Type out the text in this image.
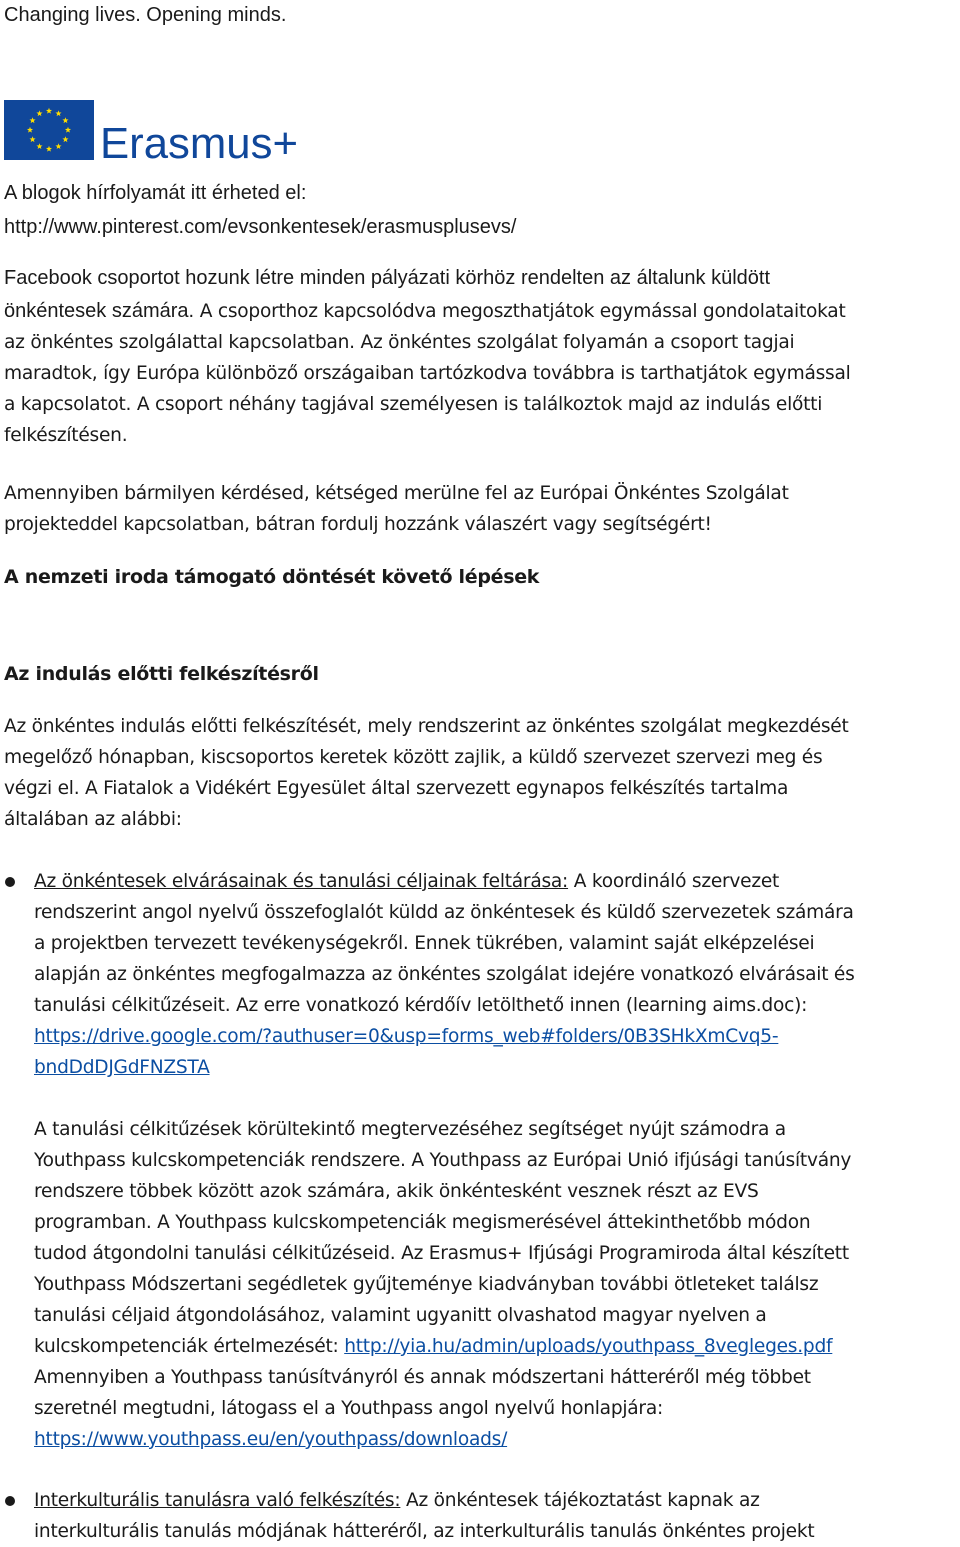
Changing lives. Opening minds.
Erasmus+

A blogok hírfolyamát itt érheted el:
http://www.pinterest.com/evsonkentesek/erasmusplusevs/

Facebook csoportot hozunk létre minden pályázati körhöz rendelten az általunk küldött
önkéntesek számára. A csoporthoz kapcsolódva megoszthatjátok egymással gondolataitokat

az önkéntes szolgálattal kapcsolatban. Az önkéntes szolgálat folyamán a csoport tagjai
maradtok, így Európa különböző országaiban tartózkodva továbbra is tarthatjátok egymással
a kapcsolatot. A csoport néhány tagjával személyesen is találkoztok majd az indulás előtti
felkészítésen.

Amennyiben bármilyen kérdésed, kétséged merülne fel az Európai Önkéntes Szolgálat
projekteddel kapcsolatban, bátran fordulj hozzánk válaszért vagy segítségért!

A nemzeti iroda támogató döntését követő lépések
Az indulás előtti felkészítésről

Az önkéntes indulás előtti felkészítését, mely rendszerint az önkéntes szolgálat megkezdését
megelőző hónapban, kiscsoportos keretek között zajlik, a küldő szervezet szervezi meg és
végzi el. A Fiatalok a Vidékért Egyesület által szervezett egynapos felkészítés tartalma
általában az alábbi:

Az önkéntesek elvárásainak és tanulási céljainak feltárása: A koordináló szervezet
rendszerint angol nyelvű összefoglalót küldd az önkéntesek és küldő szervezetek számára
a projektben tervezett tevékenységekről. Ennek tükrében, valamint saját elképzelései
alapján az önkéntes megfogalmazza az önkéntes szolgálat idejére vonatkozó elvárásait és
tanulási célkitűzéseit. Az erre vonatkozó kérdőív letölthető innen (learning aims.doc):
https://drive.google.com/?authuser=0&usp=forms_web#folders/0B3SHkXmCvq5-
bndDdDJGdFNZSTA

A tanulási célkitűzések körültekintő megtervezéséhez segítséget nyújt számodra a
Youthpass kulcskompetenciák rendszere. A Youthpass az Európai Unió ifjúsági tanúsítvány
rendszere többek között azok számára, akik önkéntesként vesznek részt az EVS
programban. A Youthpass kulcskompetenciák megismerésével áttekinthetőbb módon
tudod átgondolni tanulási célkitűzéseid. Az Erasmus+ Ifjúsági Programiroda által készített
Youthpass Módszertani segédletek gyűjteménye kiadványban további ötleteket találsz
tanulási céljaid átgondolásához, valamint ugyanitt olvashatod magyar nyelven a
kulcskompetenciák értelmezését: http://yia.hu/admin/uploads/youthpass_8vegleges.pdf
Amennyiben a Youthpass tanúsítványról és annak módszertani hátteréről még többet
szeretnél megtudni, látogass el a Youthpass angol nyelvű honlapjára:
https://www.youthpass.eu/en/youthpass/downloads/

Interkulturális tanulásra való felkészítés: Az önkéntesek tájékoztatást kapnak az
interkulturális tanulás módjának hátteréről, az interkulturális tanulás önkéntes projekt
